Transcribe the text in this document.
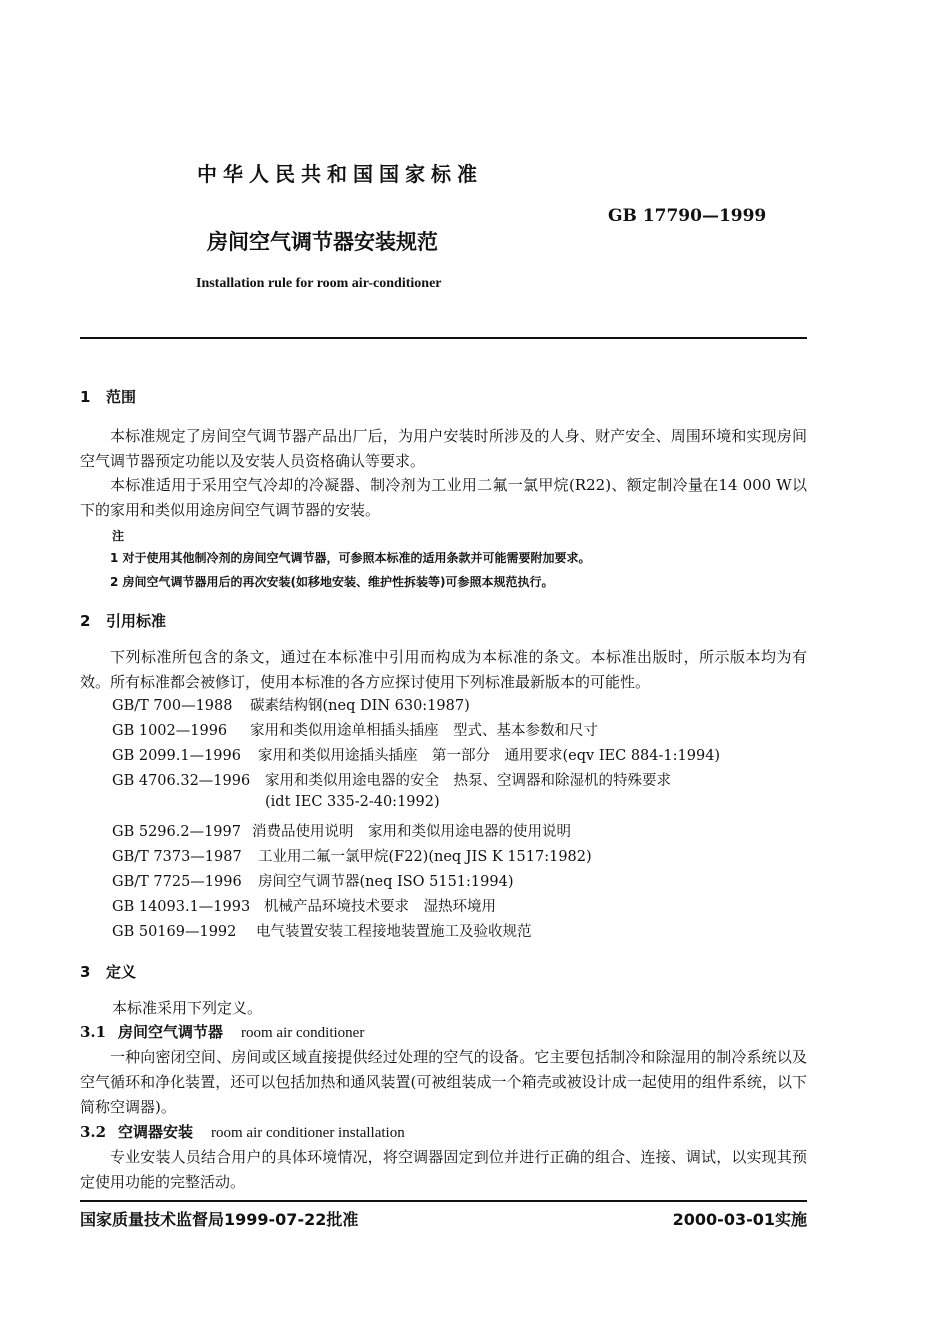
中华人民共和国国家标准
GB 17790—1999
房间空气调节器安装规范
Installation rule for room air-conditioner
1 范围
本标准规定了房间空气调节器产品出厂后，为用户安装时所涉及的人身、财产安全、周围环境和实现房间空气调节器预定功能以及安装人员资格确认等要求。
本标准适用于采用空气冷却的冷凝器、制冷剂为工业用二氟一氯甲烷(R22)、额定制冷量在14 000 W以下的家用和类似用途房间空气调节器的安装。
注
1 对于使用其他制冷剂的房间空气调节器，可参照本标准的适用条款并可能需要附加要求。
2 房间空气调节器用后的再次安装(如移地安装、维护性拆装等)可参照本规范执行。
2 引用标准
下列标准所包含的条文，通过在本标准中引用而构成为本标准的条文。本标准出版时，所示版本均为有效。所有标准都会被修订，使用本标准的各方应探讨使用下列标准最新版本的可能性。
GB/T 700—1988 碳素结构钢(neq DIN 630:1987)
GB 1002—1996 家用和类似用途单相插头插座　型式、基本参数和尺寸
GB 2099.1—1996 家用和类似用途插头插座　第一部分　通用要求(eqv IEC 884-1:1994)
GB 4706.32—1996 家用和类似用途电器的安全　热泵、空调器和除湿机的特殊要求
(idt IEC 335-2-40:1992)
GB 5296.2—1997 消费品使用说明　家用和类似用途电器的使用说明
GB/T 7373—1987 工业用二氟一氯甲烷(F22)(neq JIS K 1517:1982)
GB/T 7725—1996 房间空气调节器(neq ISO 5151:1994)
GB 14093.1—1993 机械产品环境技术要求　湿热环境用
GB 50169—1992 电气装置安装工程接地装置施工及验收规范
3 定义
本标准采用下列定义。
3.1 房间空气调节器 room air conditioner
一种向密闭空间、房间或区域直接提供经过处理的空气的设备。它主要包括制冷和除湿用的制冷系统以及空气循环和净化装置，还可以包括加热和通风装置(可被组装成一个箱壳或被设计成一起使用的组件系统，以下简称空调器)。
3.2 空调器安装 room air conditioner installation
专业安装人员结合用户的具体环境情况，将空调器固定到位并进行正确的组合、连接、调试，以实现其预定使用功能的完整活动。
国家质量技术监督局1999-07-22批准	2000-03-01实施
